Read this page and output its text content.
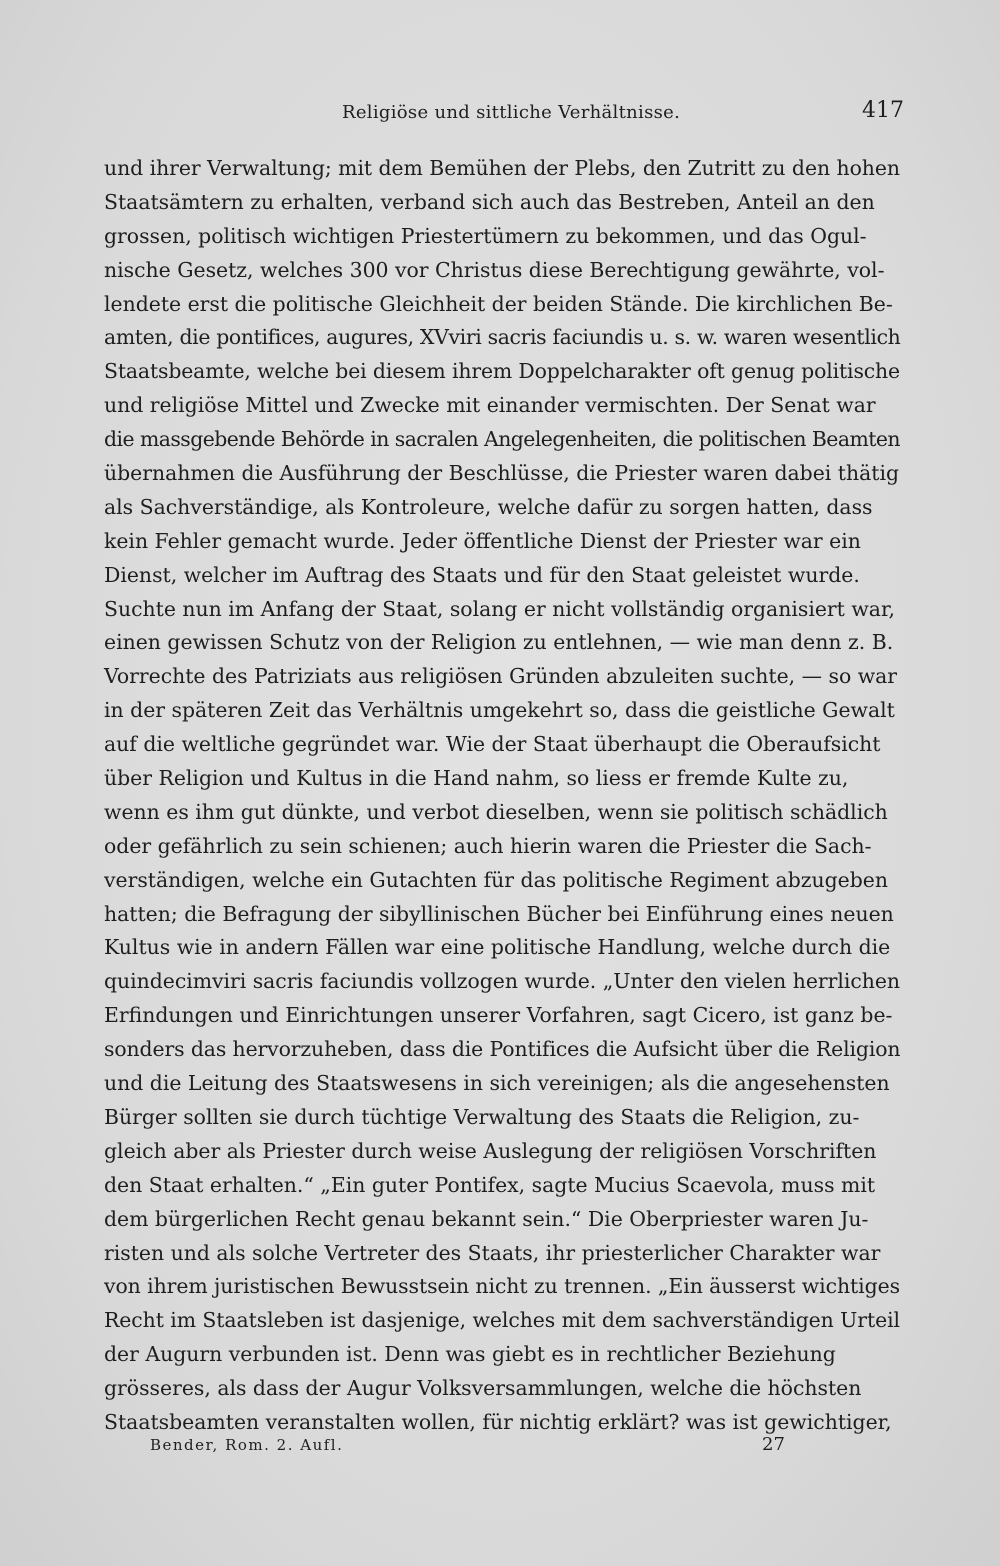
Religiöse und sittliche Verhältnisse.	417
und ihrer Verwaltung; mit dem Bemühen der Plebs, den Zutritt zu den hohen
Staatsämtern zu erhalten, verband sich auch das Bestreben, Anteil an den
grossen, politisch wichtigen Priestertümern zu bekommen, und das Ogul-
nische Gesetz, welches 300 vor Christus diese Berechtigung gewährte, vol-
lendete erst die politische Gleichheit der beiden Stände. Die kirchlichen Be-
amten, die pontifices, augures, XVviri sacris faciundis u. s. w. waren wesentlich
Staatsbeamte, welche bei diesem ihrem Doppelcharakter oft genug politische
und religiöse Mittel und Zwecke mit einander vermischten. Der Senat war
die massgebende Behörde in sacralen Angelegenheiten, die politischen Beamten
übernahmen die Ausführung der Beschlüsse, die Priester waren dabei thätig
als Sachverständige, als Kontroleure, welche dafür zu sorgen hatten, dass
kein Fehler gemacht wurde. Jeder öffentliche Dienst der Priester war ein
Dienst, welcher im Auftrag des Staats und für den Staat geleistet wurde.
Suchte nun im Anfang der Staat, solang er nicht vollständig organisiert war,
einen gewissen Schutz von der Religion zu entlehnen, — wie man denn z. B.
Vorrechte des Patriziats aus religiösen Gründen abzuleiten suchte, — so war
in der späteren Zeit das Verhältnis umgekehrt so, dass die geistliche Gewalt
auf die weltliche gegründet war. Wie der Staat überhaupt die Oberaufsicht
über Religion und Kultus in die Hand nahm, so liess er fremde Kulte zu,
wenn es ihm gut dünkte, und verbot dieselben, wenn sie politisch schädlich
oder gefährlich zu sein schienen; auch hierin waren die Priester die Sach-
verständigen, welche ein Gutachten für das politische Regiment abzugeben
hatten; die Befragung der sibyllinischen Bücher bei Einführung eines neuen
Kultus wie in andern Fällen war eine politische Handlung, welche durch die
quindecimviri sacris faciundis vollzogen wurde. „Unter den vielen herrlichen
Erfindungen und Einrichtungen unserer Vorfahren, sagt Cicero, ist ganz be-
sonders das hervorzuheben, dass die Pontifices die Aufsicht über die Religion
und die Leitung des Staatswesens in sich vereinigen; als die angesehensten
Bürger sollten sie durch tüchtige Verwaltung des Staats die Religion, zu-
gleich aber als Priester durch weise Auslegung der religiösen Vorschriften
den Staat erhalten.“ „Ein guter Pontifex, sagte Mucius Scaevola, muss mit
dem bürgerlichen Recht genau bekannt sein.“ Die Oberpriester waren Ju-
risten und als solche Vertreter des Staats, ihr priesterlicher Charakter war
von ihrem juristischen Bewusstsein nicht zu trennen. „Ein äusserst wichtiges
Recht im Staatsleben ist dasjenige, welches mit dem sachverständigen Urteil
der Augurn verbunden ist. Denn was giebt es in rechtlicher Beziehung
grösseres, als dass der Augur Volksversammlungen, welche die höchsten
Staatsbeamten veranstalten wollen, für nichtig erklärt? was ist gewichtiger,
Bender, Rom. 2. Aufl.	27
